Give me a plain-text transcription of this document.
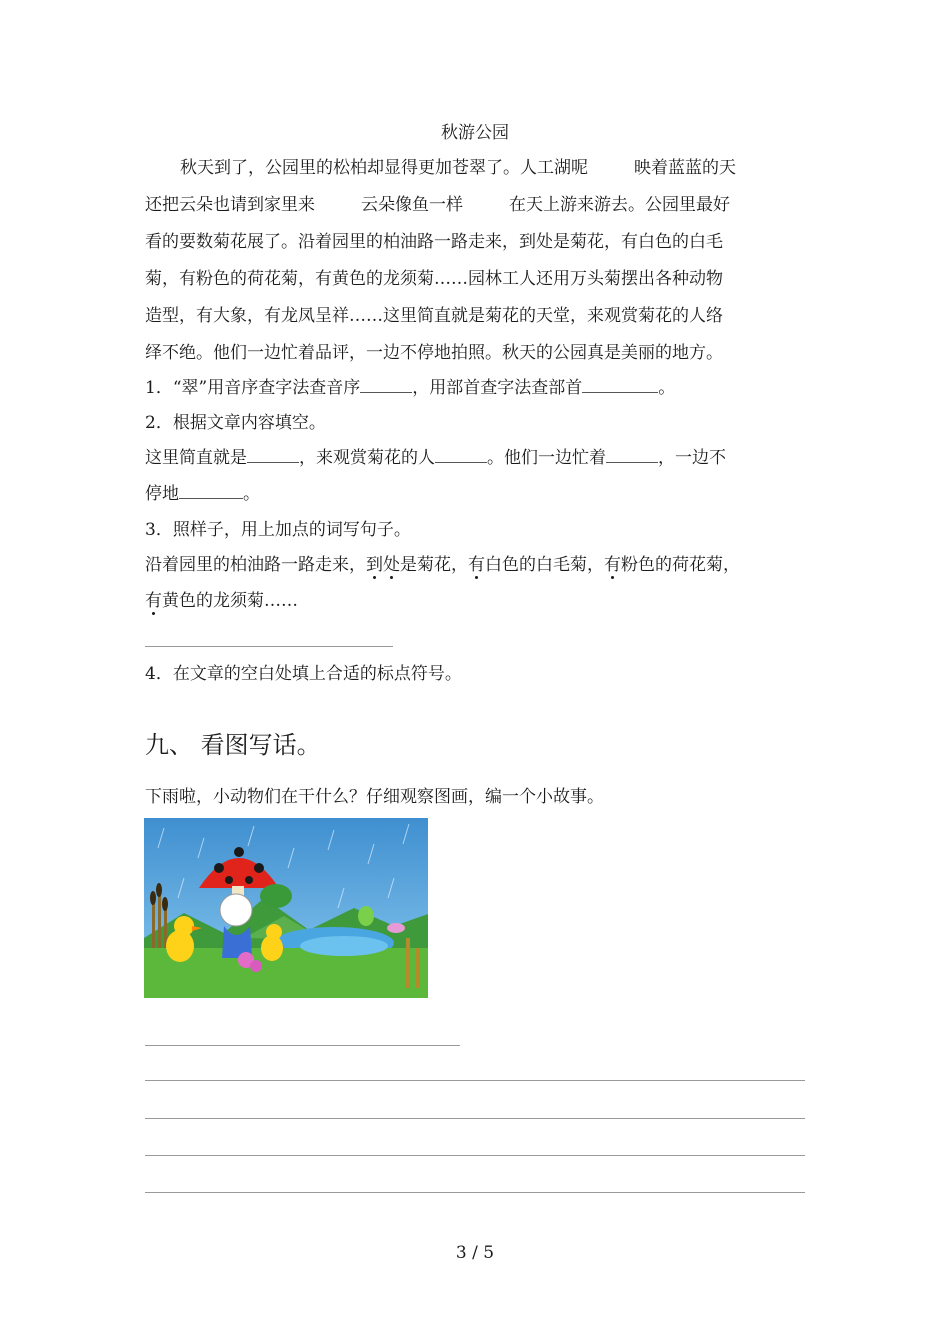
秋游公园
秋天到了，公园里的松柏却显得更加苍翠了。人工湖呢	映着蓝蓝的天
还把云朵也请到家里来	云朵像鱼一样	在天上游来游去。公园里最好
看的要数菊花展了。沿着园里的柏油路一路走来，到处是菊花，有白色的白毛
菊，有粉色的荷花菊，有黄色的龙须菊……园林工人还用万头菊摆出各种动物
造型，有大象，有龙凤呈祥……这里简直就是菊花的天堂，来观赏菊花的人络
绎不绝。他们一边忙着品评，一边不停地拍照。秋天的公园真是美丽的地方。
1．“翠”用音序查字法查音序	，用部首查字法查部首	。
2．根据文章内容填空。
这里简直就是	，来观赏菊花的人	。他们一边忙着	，一边不
停地	。
3．照样子，用上加点的词写句子。
沿着园里的柏油路一路走来，到处是菊花，有白色的白毛菊，有粉色的荷花菊，
有黄色的龙须菊……
4．在文章的空白处填上合适的标点符号。
九、 看图写话。
下雨啦，小动物们在干什么？仔细观察图画，编一个小故事。
3 / 5
